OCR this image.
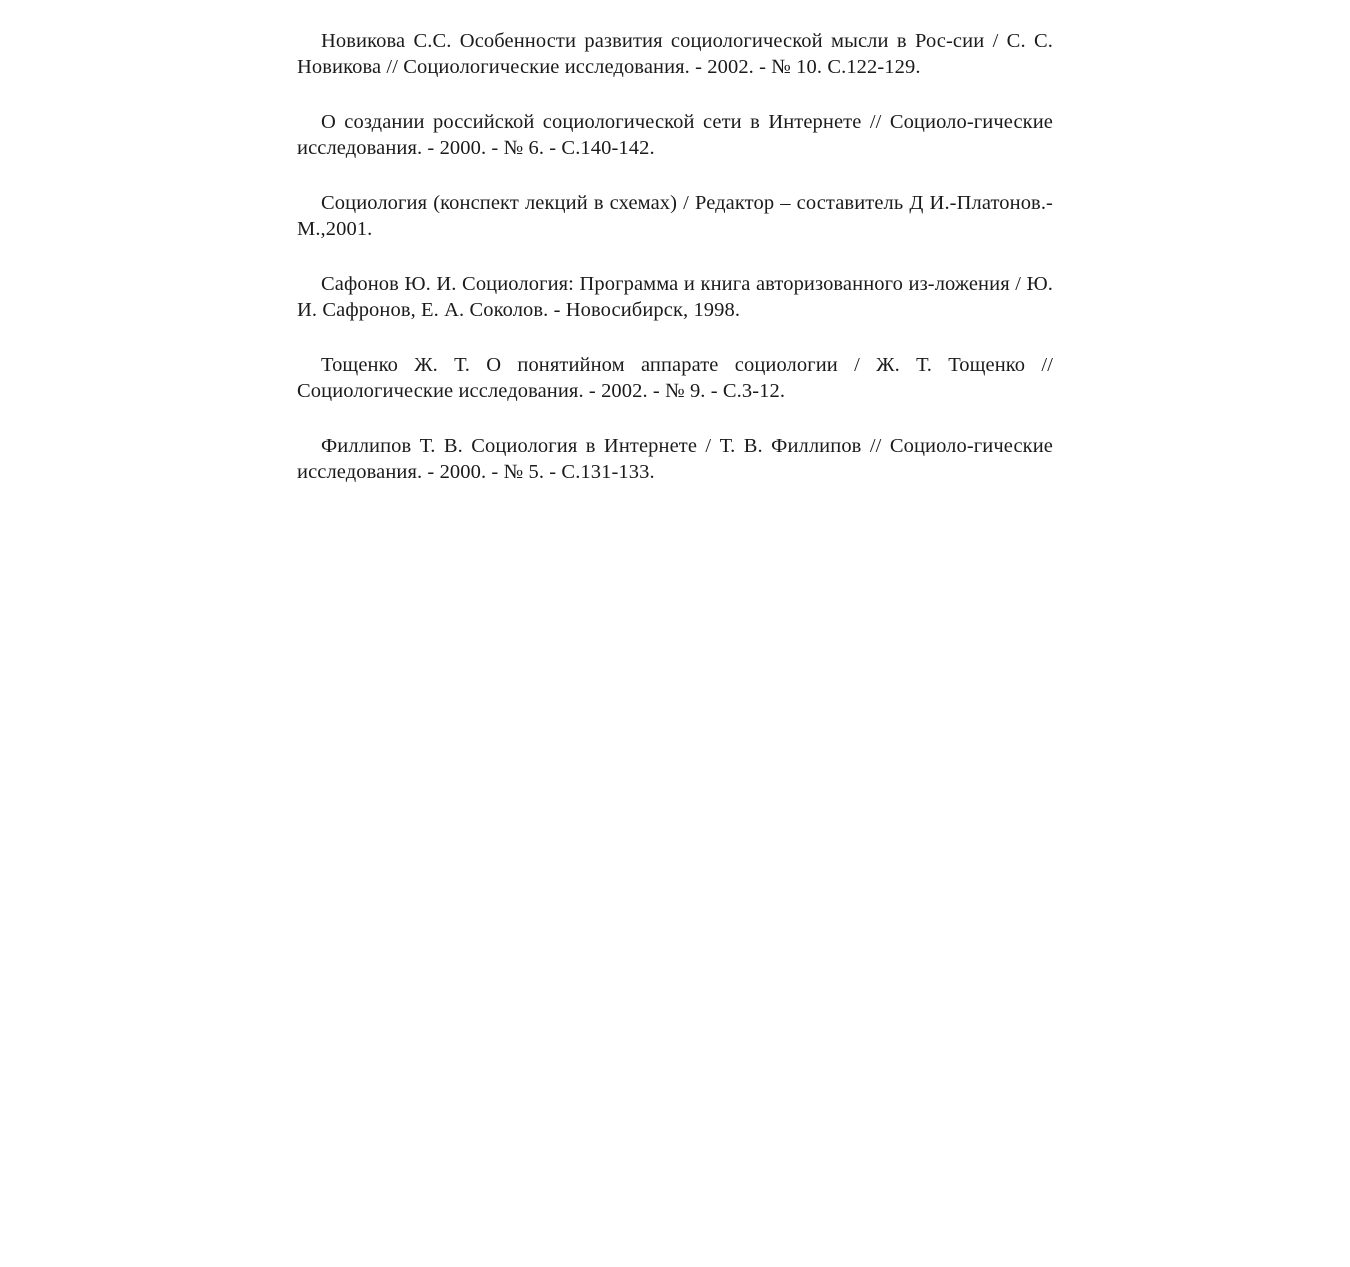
Новикова С.С. Особенности развития социологической мысли в Рос-сии / С. С. Новикова // Социологические исследования. - 2002. - № 10. С.122-129.

О создании российской социологической сети в Интернете // Социоло-гические исследования. - 2000. - № 6. - С.140-142.

Социология (конспект лекций в схемах) / Редактор – составитель Д И.-Платонов.- М.,2001.

Сафонов Ю. И. Социология: Программа и книга авторизованного из-ложения / Ю. И. Сафронов, Е. А. Соколов. - Новосибирск, 1998.

Тощенко Ж. Т. О понятийном аппарате социологии / Ж. Т. Тощенко // Социологические исследования. - 2002. - № 9. - С.3-12.

Филлипов Т. В. Социология в Интернете / Т. В. Филлипов // Социоло-гические исследования. - 2000. - № 5. - С.131-133.
